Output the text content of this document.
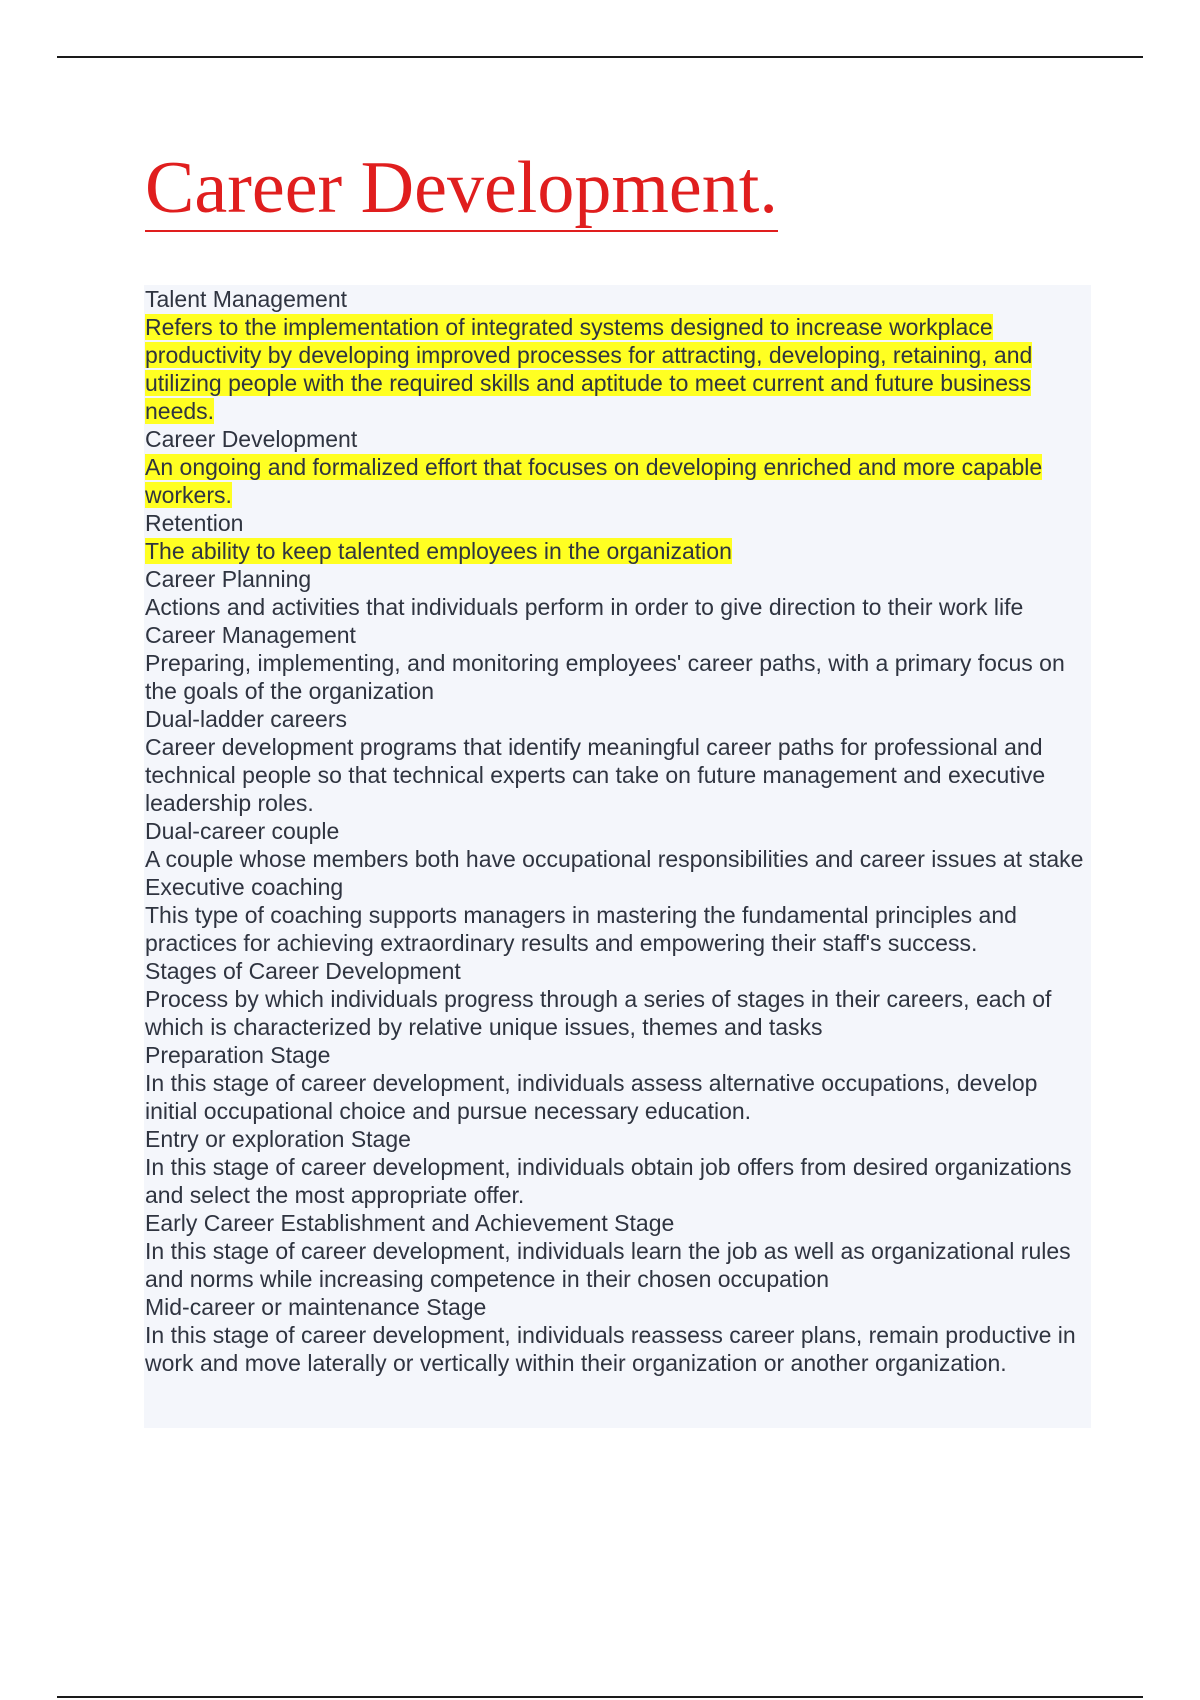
Career Development.
Talent Management
Refers to the implementation of integrated systems designed to increase workplace productivity by developing improved processes for attracting, developing, retaining, and utilizing people with the required skills and aptitude to meet current and future business needs.
Career Development
An ongoing and formalized effort that focuses on developing enriched and more capable workers.
Retention
The ability to keep talented employees in the organization
Career Planning
Actions and activities that individuals perform in order to give direction to their work life
Career Management
Preparing, implementing, and monitoring employees' career paths, with a primary focus on the goals of the organization
Dual-ladder careers
Career development programs that identify meaningful career paths for professional and technical people so that technical experts can take on future management and executive leadership roles.
Dual-career couple
A couple whose members both have occupational responsibilities and career issues at stake
Executive coaching
This type of coaching supports managers in mastering the fundamental principles and practices for achieving extraordinary results and empowering their staff's success.
Stages of Career Development
Process by which individuals progress through a series of stages in their careers, each of which is characterized by relative unique issues, themes and tasks
Preparation Stage
In this stage of career development, individuals assess alternative occupations, develop initial occupational choice and pursue necessary education.
Entry or exploration Stage
In this stage of career development, individuals obtain job offers from desired organizations and select the most appropriate offer.
Early Career Establishment and Achievement Stage
In this stage of career development, individuals learn the job as well as organizational rules and norms while increasing competence in their chosen occupation
Mid-career or maintenance Stage
In this stage of career development, individuals reassess career plans, remain productive in work and move laterally or vertically within their organization or another organization.
